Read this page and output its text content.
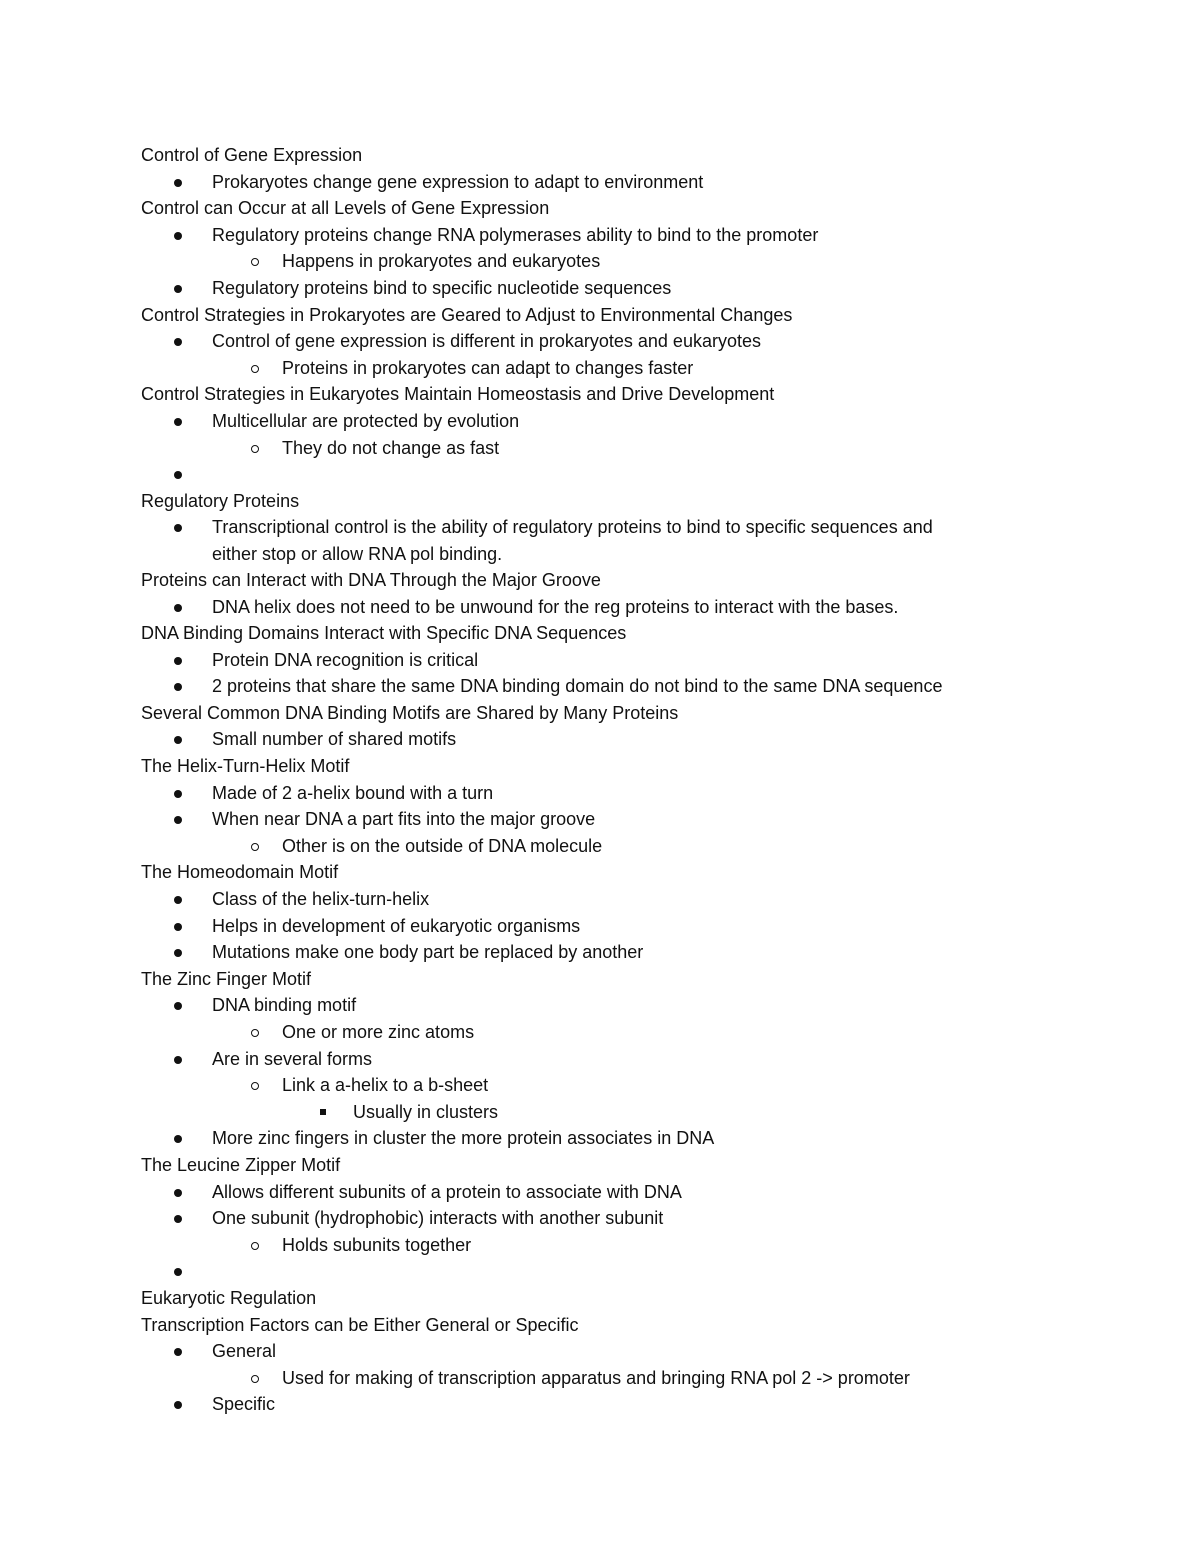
Control of Gene Expression
Prokaryotes change gene expression to adapt to environment
Control can Occur at all Levels of Gene Expression
Regulatory proteins change RNA polymerases ability to bind to the promoter
Happens in prokaryotes and eukaryotes
Regulatory proteins bind to specific nucleotide sequences
Control Strategies in Prokaryotes are Geared to Adjust to Environmental Changes
Control of gene expression is different in prokaryotes and eukaryotes
Proteins in prokaryotes can adapt to changes faster
Control Strategies in Eukaryotes Maintain Homeostasis and Drive Development
Multicellular are protected by evolution
They do not change as fast
Regulatory Proteins
Transcriptional control is the ability of regulatory proteins to bind to specific sequences and
either stop or allow RNA pol binding.
Proteins can Interact with DNA Through the Major Groove
DNA helix does not need to be unwound for the reg proteins to interact with the bases.
DNA Binding Domains Interact with Specific DNA Sequences
Protein DNA recognition is critical
2 proteins that share the same DNA binding domain do not bind to the same DNA sequence
Several Common DNA Binding Motifs are Shared by Many Proteins
Small number of shared motifs
The Helix-Turn-Helix Motif
Made of 2 a-helix bound with a turn
When near DNA a part fits into the major groove
Other is on the outside of DNA molecule
The Homeodomain Motif
Class of the helix-turn-helix
Helps in development of eukaryotic organisms
Mutations make one body part be replaced by another
The Zinc Finger Motif
DNA binding motif
One or more zinc atoms
Are in several forms
Link a a-helix to a b-sheet
Usually in clusters
More zinc fingers in cluster the more protein associates in DNA
The Leucine Zipper Motif
Allows different subunits of a protein to associate with DNA
One subunit (hydrophobic) interacts with another subunit
Holds subunits together
Eukaryotic Regulation
Transcription Factors can be Either General or Specific
General
Used for making of transcription apparatus and bringing RNA pol 2 -> promoter
Specific
